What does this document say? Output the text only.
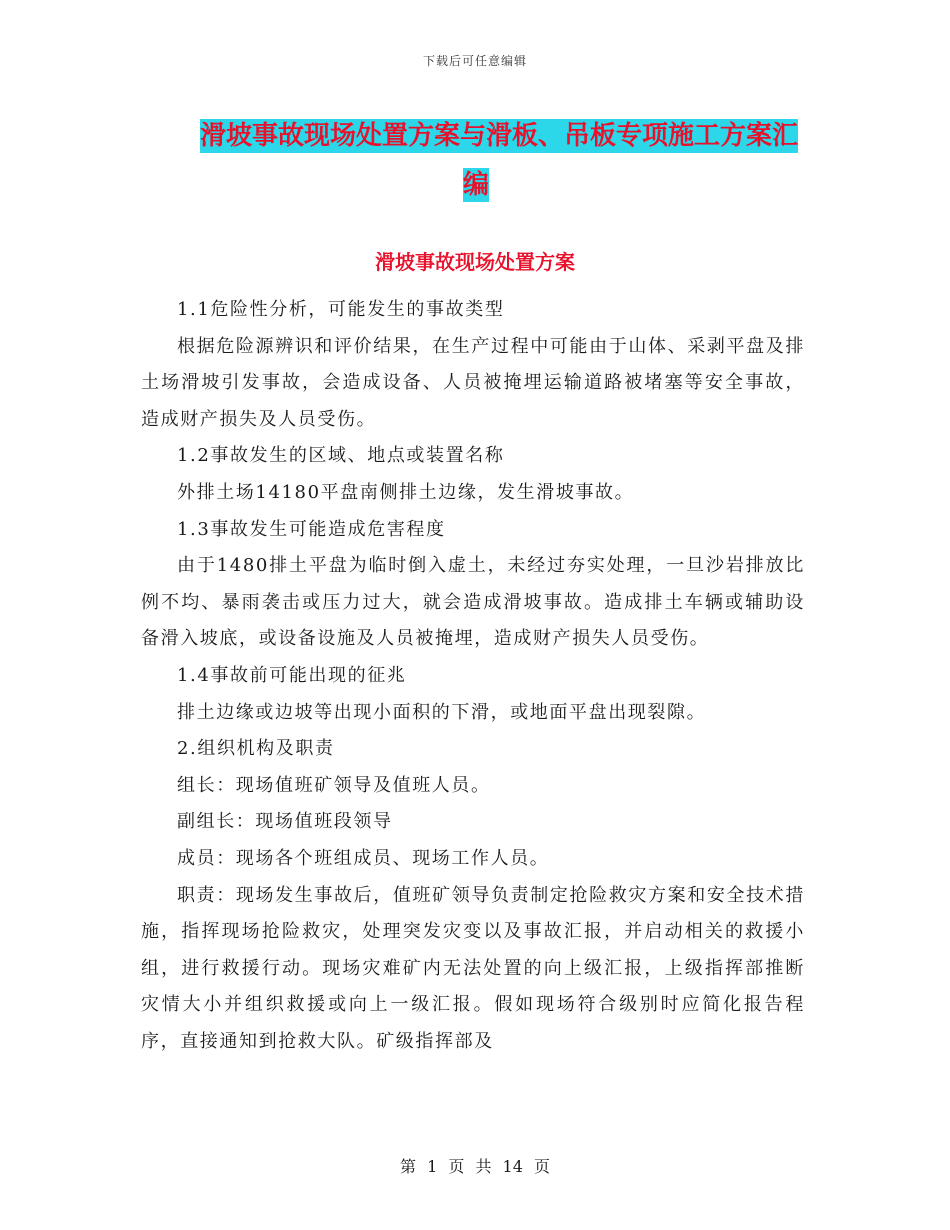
下载后可任意编辑
滑坡事故现场处置方案与滑板、吊板专项施工方案汇
编
滑坡事故现场处置方案

1.1危险性分析，可能发生的事故类型

根据危险源辨识和评价结果，在生产过程中可能由于山体、采剥平盘及排土场滑坡引发事故，会造成设备、人员被掩埋运输道路被堵塞等安全事故，造成财产损失及人员受伤。

1.2事故发生的区域、地点或装置名称

外排土场14180平盘南侧排土边缘，发生滑坡事故。

1.3事故发生可能造成危害程度

由于1480排土平盘为临时倒入虚土，未经过夯实处理，一旦沙岩排放比例不均、暴雨袭击或压力过大，就会造成滑坡事故。造成排土车辆或辅助设备滑入坡底，或设备设施及人员被掩埋，造成财产损失人员受伤。

1.4事故前可能出现的征兆

排土边缘或边坡等出现小面积的下滑，或地面平盘出现裂隙。

2.组织机构及职责

组长：现场值班矿领导及值班人员。

副组长：现场值班段领导

成员：现场各个班组成员、现场工作人员。

职责：现场发生事故后，值班矿领导负责制定抢险救灾方案和安全技术措施，指挥现场抢险救灾，处理突发灾变以及事故汇报，并启动相关的救援小组，进行救援行动。现场灾难矿内无法处置的向上级汇报，上级指挥部推断灾情大小并组织救援或向上一级汇报。假如现场符合级别时应简化报告程序，直接通知到抢救大队。矿级指挥部及

第 1 页 共 14 页
